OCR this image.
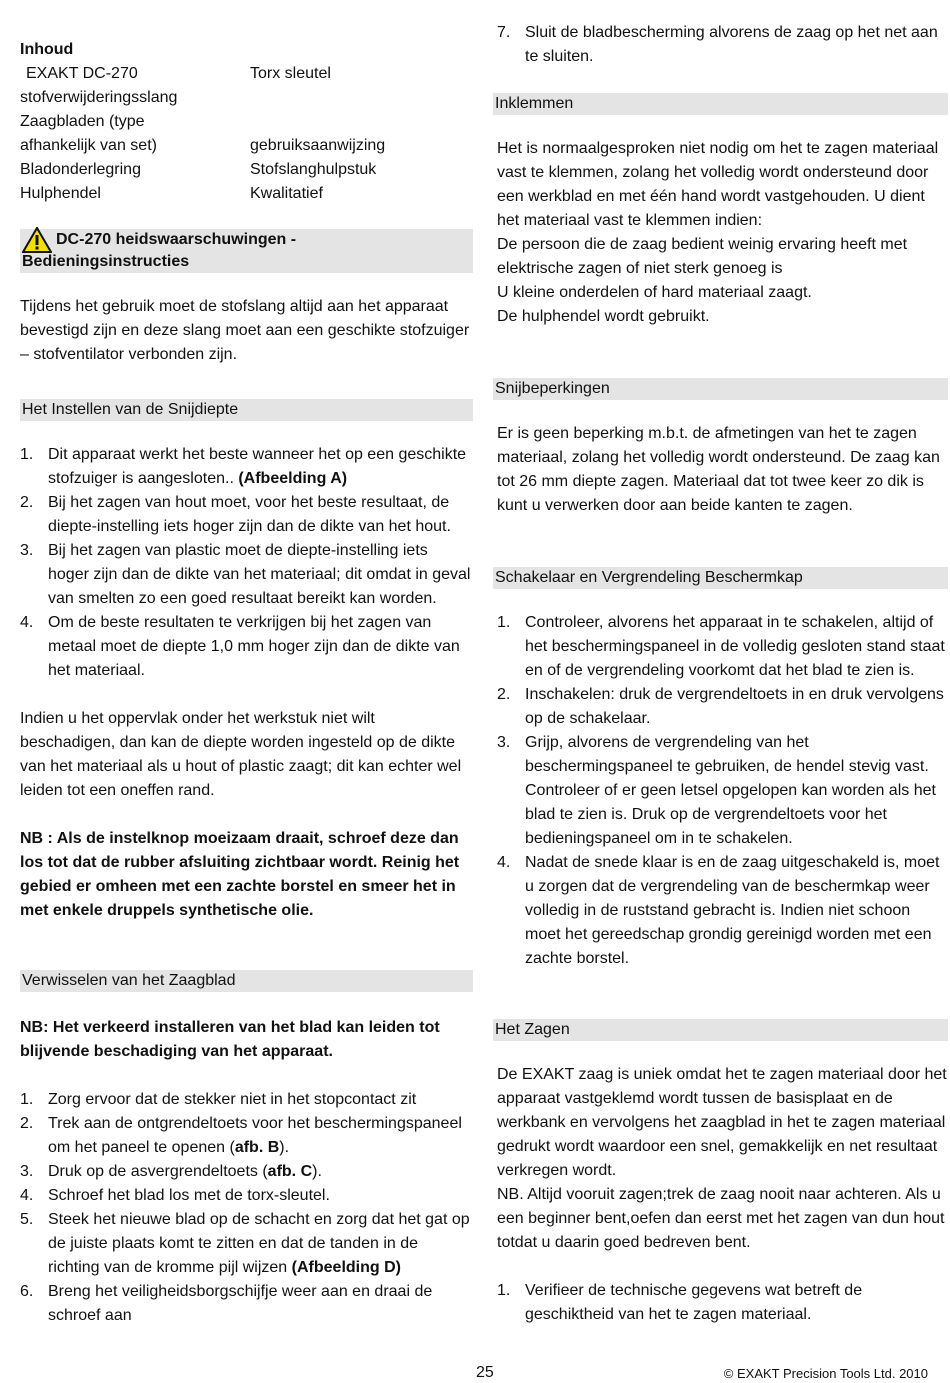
Inhoud

EXAKT DC-270	Torx sleutel
stofverwijderingsslang
Zaagbladen (type
afhankelijk van set)	gebruiksaanwijzing
Bladonderlegring	Stofslanghulpstuk
Hulphendel	Kwalitatief
DC-270 heidswaarschuwingen -
Bedieningsinstructies

Tijdens het gebruik moet de stofslang altijd aan het apparaat bevestigd zijn en deze slang moet aan een geschikte stofzuiger – stofventilator verbonden zijn.

Het Instellen van de Snijdiepte
1. Dit apparaat werkt het beste wanneer het op een geschikte stofzuiger is aangesloten.. (Afbeelding A)
2. Bij het zagen van hout moet, voor het beste resultaat, de diepte-instelling iets hoger zijn dan de dikte van het hout.
3. Bij het zagen van plastic moet de diepte-instelling iets hoger zijn dan de dikte van het materiaal; dit omdat in geval van smelten zo een goed resultaat bereikt kan worden.
4. Om de beste resultaten te verkrijgen bij het zagen van metaal moet de diepte 1,0 mm hoger zijn dan de dikte van het materiaal.

Indien u het oppervlak onder het werkstuk niet wilt beschadigen, dan kan de diepte worden ingesteld op de dikte van het materiaal als u hout of plastic zaagt; dit kan echter wel leiden tot een oneffen rand.

NB : Als de instelknop moeizaam draait, schroef deze dan los tot dat de rubber afsluiting zichtbaar wordt. Reinig het gebied er omheen met een zachte borstel en smeer het in met enkele druppels synthetische olie.

Verwisselen van het Zaagblad

NB: Het verkeerd installeren van het blad kan leiden tot blijvende beschadiging van het apparaat.

1. Zorg ervoor dat de stekker niet in het stopcontact zit
2. Trek aan de ontgrendeltoets voor het beschermingspaneel om het paneel te openen (afb. B).
3. Druk op de asvergrendeltoets (afb. C).
4. Schroef het blad los met de torx-sleutel.
5. Steek het nieuwe blad op de schacht en zorg dat het gat op de juiste plaats komt te zitten en dat de tanden in de richting van de kromme pijl wijzen (Afbeelding D)
6. Breng het veiligheidsborgschijfje weer aan en draai de schroef aan
7. Sluit de bladbescherming alvorens de zaag op het net aan te sluiten.
Inklemmen

Het is normaalgesproken niet nodig om het te zagen materiaal vast te klemmen, zolang het volledig wordt ondersteund door een werkblad en met één hand wordt vastgehouden. U dient het materiaal vast te klemmen indien:

De persoon die de zaag bedient weinig ervaring heeft met elektrische zagen of niet sterk genoeg is

U kleine onderdelen of hard materiaal zaagt.

De hulphendel wordt gebruikt.

Snijbeperkingen

Er is geen beperking m.b.t. de afmetingen van het te zagen materiaal, zolang het volledig wordt ondersteund. De zaag kan tot 26 mm diepte zagen. Materiaal dat tot twee keer zo dik is kunt u verwerken door aan beide kanten te zagen.

Schakelaar en Vergrendeling Beschermkap
1. Controleer, alvorens het apparaat in te schakelen, altijd of het beschermingspaneel in de volledig gesloten stand staat en of de vergrendeling voorkomt dat het blad te zien is.
2. Inschakelen: druk de vergrendeltoets in en druk vervolgens op de schakelaar.
3. Grijp, alvorens de vergrendeling van het beschermingspaneel te gebruiken, de hendel stevig vast. Controleer of er geen letsel opgelopen kan worden als het blad te zien is. Druk op de vergrendeltoets voor het bedieningspaneel om in te schakelen.
4. Nadat de snede klaar is en de zaag uitgeschakeld is, moet u zorgen dat de vergrendeling van de beschermkap weer volledig in de ruststand gebracht is. Indien niet schoon moet het gereedschap grondig gereinigd worden met een zachte borstel.
Het Zagen

De EXAKT zaag is uniek omdat het te zagen materiaal door het apparaat vastgeklemd wordt tussen de basisplaat en de werkbank en vervolgens het zaagblad in het te zagen materiaal gedrukt wordt waardoor een snel, gemakkelijk en net resultaat verkregen wordt.

NB. Altijd vooruit zagen;trek de zaag nooit naar achteren. Als u een beginner bent,oefen dan eerst met het zagen van dun hout totdat u daarin goed bedreven bent.

1. Verifieer de technische gegevens wat betreft de geschiktheid van het te zagen materiaal.
25	© EXAKT Precision Tools Ltd. 2010
